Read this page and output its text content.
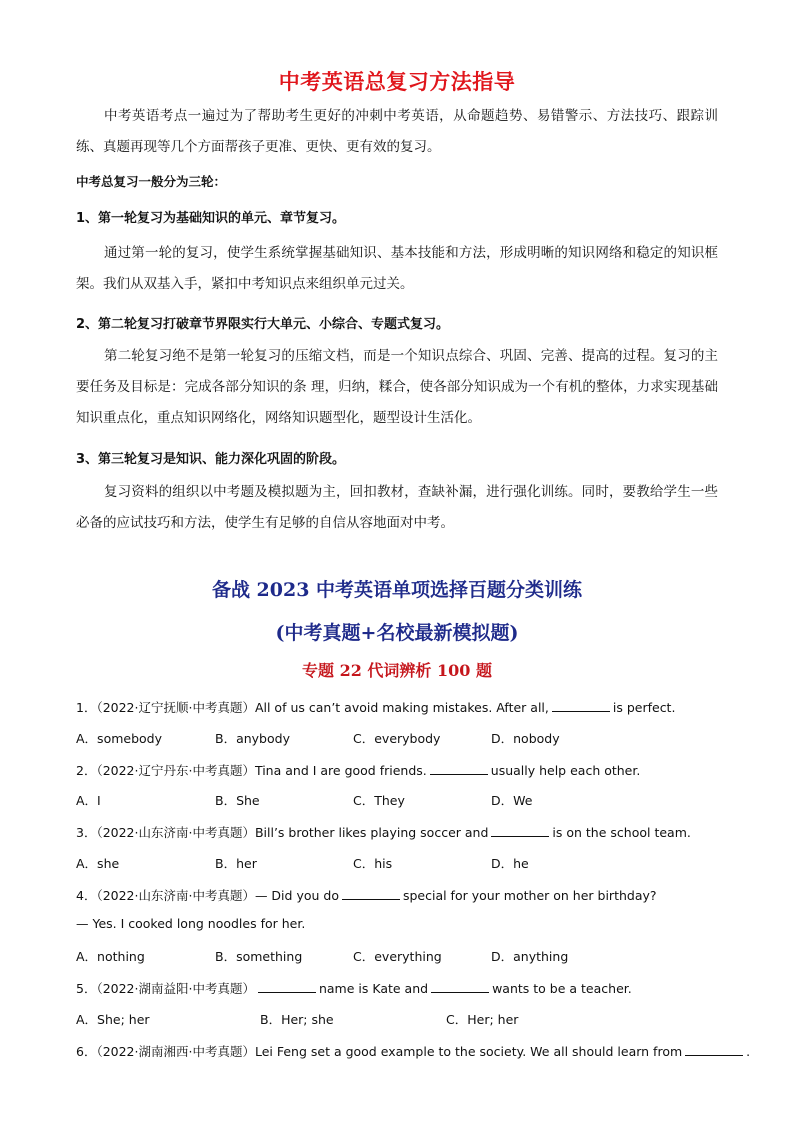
中考英语总复习方法指导
中考英语考点一遍过为了帮助考生更好的冲刺中考英语，从命题趋势、易错警示、方法技巧、跟踪训练、真题再现等几个方面帮孩子更准、更快、更有效的复习。
中考总复习一般分为三轮：
1、第一轮复习为基础知识的单元、章节复习。
通过第一轮的复习，使学生系统掌握基础知识、基本技能和方法，形成明晰的知识网络和稳定的知识框架。我们从双基入手，紧扣中考知识点来组织单元过关。
2、第二轮复习打破章节界限实行大单元、小综合、专题式复习。
第二轮复习绝不是第一轮复习的压缩文档，而是一个知识点综合、巩固、完善、提高的过程。复习的主要任务及目标是：完成各部分知识的条 理，归纳，糅合，使各部分知识成为一个有机的整体，力求实现基础知识重点化，重点知识网络化，网络知识题型化，题型设计生活化。
3、第三轮复习是知识、能力深化巩固的阶段。
复习资料的组织以中考题及模拟题为主，回扣教材，查缺补漏，进行强化训练。同时，要教给学生一些必备的应试技巧和方法，使学生有足够的自信从容地面对中考。
备战 2023 中考英语单项选择百题分类训练
(中考真题+名校最新模拟题)
专题 22 代词辨析 100 题
1．（2022·辽宁抚顺·中考真题）All of us can’t avoid making mistakes. After all,	is perfect.
A．somebody	B．anybody	C．everybody	D．nobody
2．（2022·辽宁丹东·中考真题）Tina and I are good friends.	usually help each other.
A．I	B．She	C．They	D．We
3．（2022·山东济南·中考真题）Bill’s brother likes playing soccer and	is on the school team.
A．she	B．her	C．his	D．he
4．（2022·山东济南·中考真题）— Did you do	special for your mother on her birthday?
— Yes. I cooked long noodles for her.
A．nothing	B．something	C．everything	D．anything
5．（2022·湖南益阳·中考真题）	name is Kate and	wants to be a teacher.
A．She; her	B．Her; she	C．Her; her
6．（2022·湖南湘西·中考真题）Lei Feng set a good example to the society. We all should learn from	.
